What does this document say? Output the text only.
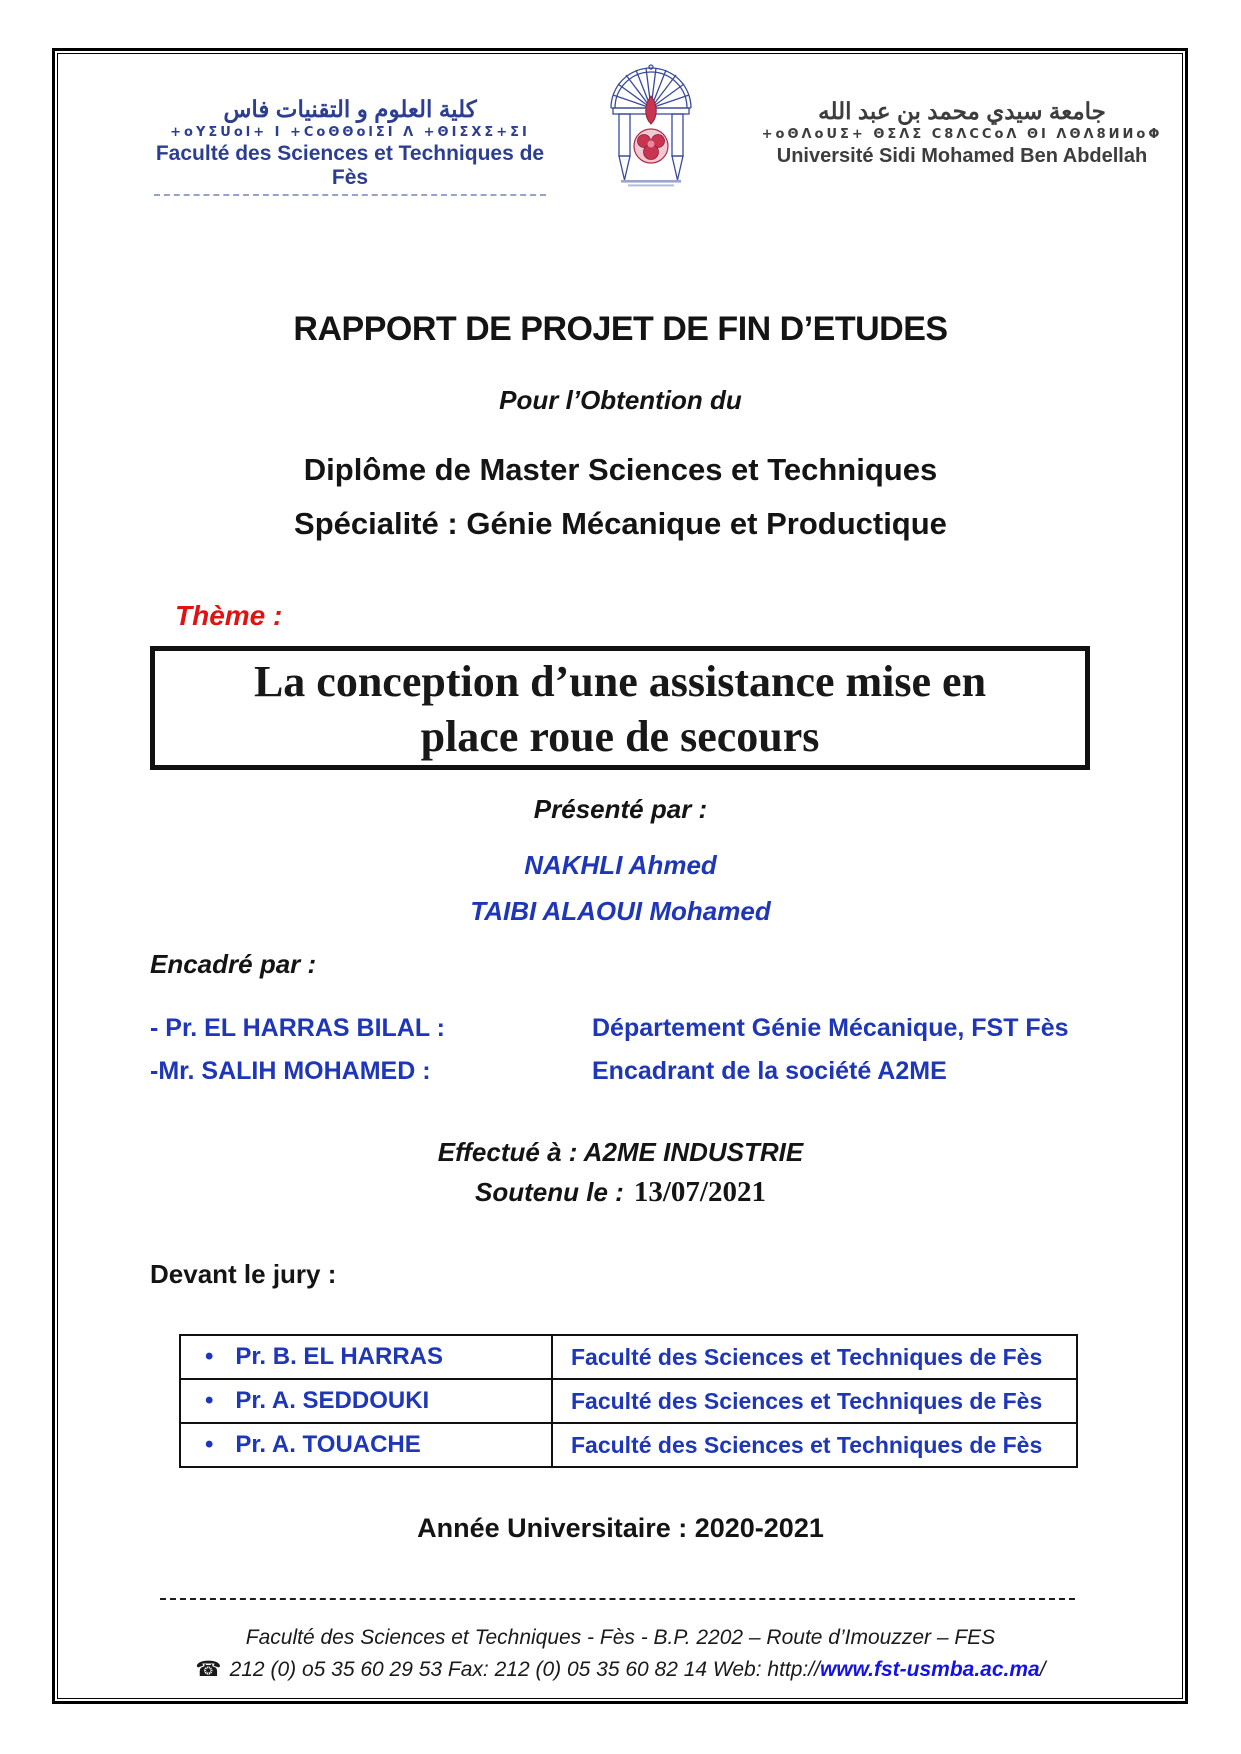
كلية العلوم و التقنيات فاس
+oYΣUol+ I +CoΘΘolΣI Λ +ΘIΣXΣ+ΣI
Faculté des Sciences et Techniques de Fès
جامعة سيدي محمد بن عبد الله
+oΘΛoUΣ+ ΘΣΛΣ C8ΛCCoΛ ΘI ΛΘΛ8ИИoΦ
Université Sidi Mohamed Ben Abdellah
RAPPORT DE PROJET DE FIN D’ETUDES
Pour l’Obtention du
Diplôme de Master Sciences et Techniques
Spécialité : Génie Mécanique et Productique
Thème :
La conception d’une assistance mise en
place roue de secours
Présenté par :
NAKHLI Ahmed
TAIBI ALAOUI Mohamed
Encadré par :
- Pr. EL HARRAS BILAL :	Département Génie Mécanique, FST Fès
-Mr. SALIH MOHAMED :	Encadrant de la société A2ME
Effectué à : A2ME INDUSTRIE
Soutenu le : 13/07/2021
Devant le jury :
• Pr. B. EL HARRAS	Faculté des Sciences et Techniques de Fès
• Pr. A. SEDDOUKI	Faculté des Sciences et Techniques de Fès
• Pr. A. TOUACHE	Faculté des Sciences et Techniques de Fès
Année Universitaire : 2020-2021
Faculté des Sciences et Techniques - Fès - B.P. 2202 – Route d’Imouzzer – FES
☎ 212 (0) o5 35 60 29 53 Fax: 212 (0) 05 35 60 82 14 Web: http://www.fst-usmba.ac.ma/
